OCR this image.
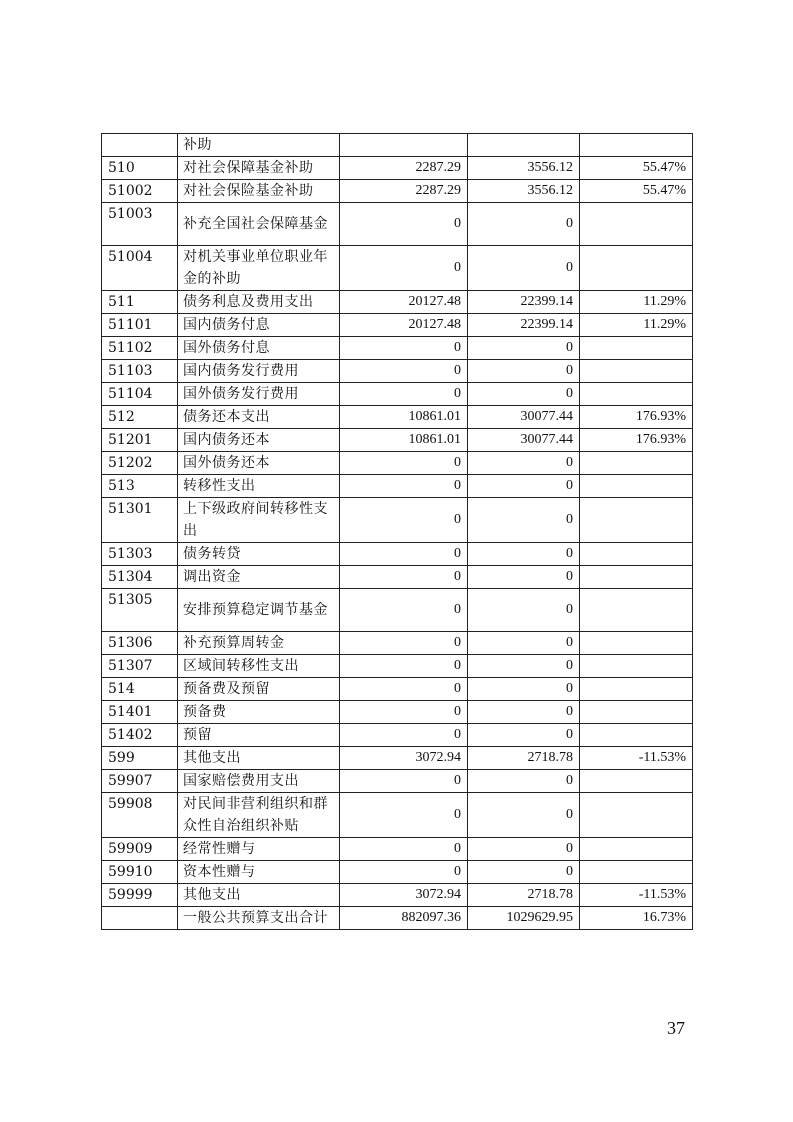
	补助			
510	对社会保障基金补助	2287.29	3556.12	55.47%
51002	对社会保险基金补助	2287.29	3556.12	55.47%
51003	补充全国社会保障基金	0	0	
51004	对机关事业单位职业年金的补助	0	0	
511	债务利息及费用支出	20127.48	22399.14	11.29%
51101	国内债务付息	20127.48	22399.14	11.29%
51102	国外债务付息	0	0	
51103	国内债务发行费用	0	0	
51104	国外债务发行费用	0	0	
512	债务还本支出	10861.01	30077.44	176.93%
51201	国内债务还本	10861.01	30077.44	176.93%
51202	国外债务还本	0	0	
513	转移性支出	0	0	
51301	上下级政府间转移性支出	0	0	
51303	债务转贷	0	0	
51304	调出资金	0	0	
51305	安排预算稳定调节基金	0	0	
51306	补充预算周转金	0	0	
51307	区域间转移性支出	0	0	
514	预备费及预留	0	0	
51401	预备费	0	0	
51402	预留	0	0	
599	其他支出	3072.94	2718.78	-11.53%
59907	国家赔偿费用支出	0	0	
59908	对民间非营利组织和群众性自治组织补贴	0	0	
59909	经常性赠与	0	0	
59910	资本性赠与	0	0	
59999	其他支出	3072.94	2718.78	-11.53%
	一般公共预算支出合计	882097.36	1029629.95	16.73%
37
